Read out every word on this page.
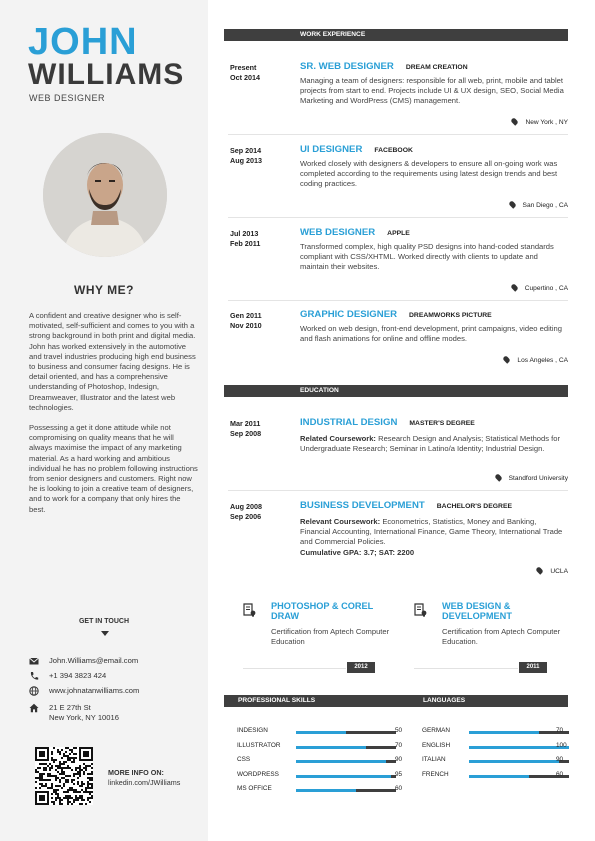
JOHN
WILLIAMS
WEB DESIGNER
WHY ME?

A confident and creative designer who is self-motivated, self-sufficient and comes to you with a strong background in both print and digital media. John has worked extensively in the automotive and travel industries producing high end business to business and consumer facing designs. He is detail oriented, and has a comprehensive understanding of Photoshop, Indesign, Dreamweaver, Illustrator and the latest web technologies.

Possessing a get it done attitude while not compromising on quality means that he will always maximise the impact of any marketing material. As a hard working and ambitious individual he has no problem following instructions from senior designers and customers. Right now he is looking to join a creative team of designers, and to work for a company that only hires the best.

GET IN TOUCH
John.Williams@email.com
+1 394 3823 424
www.johnatanwilliams.com
21 E 27th St
New York, NY 10016
MORE INFO ON:
linkedin.com/JWilliams
WORK EXPERIENCE
Present
Oct 2014
SR. WEB DESIGNER DREAM CREATION
Managing a team of designers: responsible for all web, print, mobile and tablet projects from start to end. Projects include UI & UX design, SEO, Social Media Marketing and WordPress (CMS) management.
New York , NY
Sep 2014
Aug 2013
UI DESIGNER FACEBOOK
Worked closely with designers & developers to ensure all on-going work was completed according to the requirements using latest design trends and best coding practices.
San Diego , CA
Jul 2013
Feb 2011
WEB DESIGNER APPLE
Transformed complex, high quality PSD designs into hand-coded standards compliant with CSS/XHTML. Worked directly with clients to update and maintain their websites.
Cupertino , CA
Gen 2011
Nov 2010
GRAPHIC DESIGNER DREAMWORKS PICTURE
Worked on web design, front-end development, print campaigns, video editing and flash animations for online and offline modes.
Los Angeles , CA
EDUCATION
Mar 2011
Sep 2008
INDUSTRIAL DESIGN MASTER'S DEGREE
Related Coursework: Research Design and Analysis; Statistical Methods for Undergraduate Research; Seminar in Latino/a Identity; Industrial Design.
Standford University
Aug 2008
Sep 2006
BUSINESS DEVELOPMENT BACHELOR'S DEGREE
Relevant Coursework: Econometrics, Statistics, Money and Banking, Financial Accounting, International Finance, Game Theory, International Trade and Commercial Policies.
Cumulative GPA: 3.7; SAT: 2200
UCLA
PHOTOSHOP & COREL DRAW
Certification from Aptech Computer Education
2012
WEB DESIGN & DEVELOPMENT
Certification from Aptech Computer Education.
2011
PROFESSIONAL SKILLS	LANGUAGES
INDESIGN	50
ILLUSTRATOR	70
CSS	90
WORDPRESS	95
MS OFFICE	60
GERMAN	70
ENGLISH	100
ITALIAN	90
FRENCH	60
